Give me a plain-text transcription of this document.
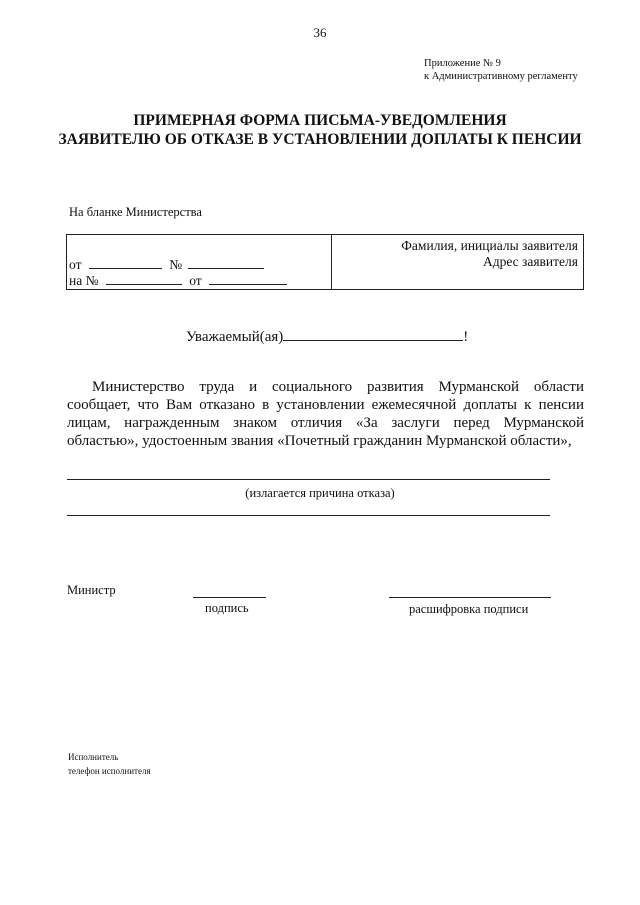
36
Приложение № 9
к Административному регламенту
ПРИМЕРНАЯ ФОРМА ПИСЬМА-УВЕДОМЛЕНИЯ
ЗАЯВИТЕЛЮ ОБ ОТКАЗЕ В УСТАНОВЛЕНИИ ДОПЛАТЫ К ПЕНСИИ
На бланке Министерства
от	№
на №	от
Фамилия, инициалы заявителя
Адрес заявителя
Уважаемый(ая)	!
Министерство труда и социального развития Мурманской области сообщает, что Вам отказано в установлении ежемесячной доплаты к пенсии лицам, награжденным знаком отличия «За заслуги перед Мурманской областью», удостоенным звания «Почетный гражданин Мурманской области»,
(излагается причина отказа)
Министр
подпись	расшифровка подписи
Исполнитель
телефон исполнителя
